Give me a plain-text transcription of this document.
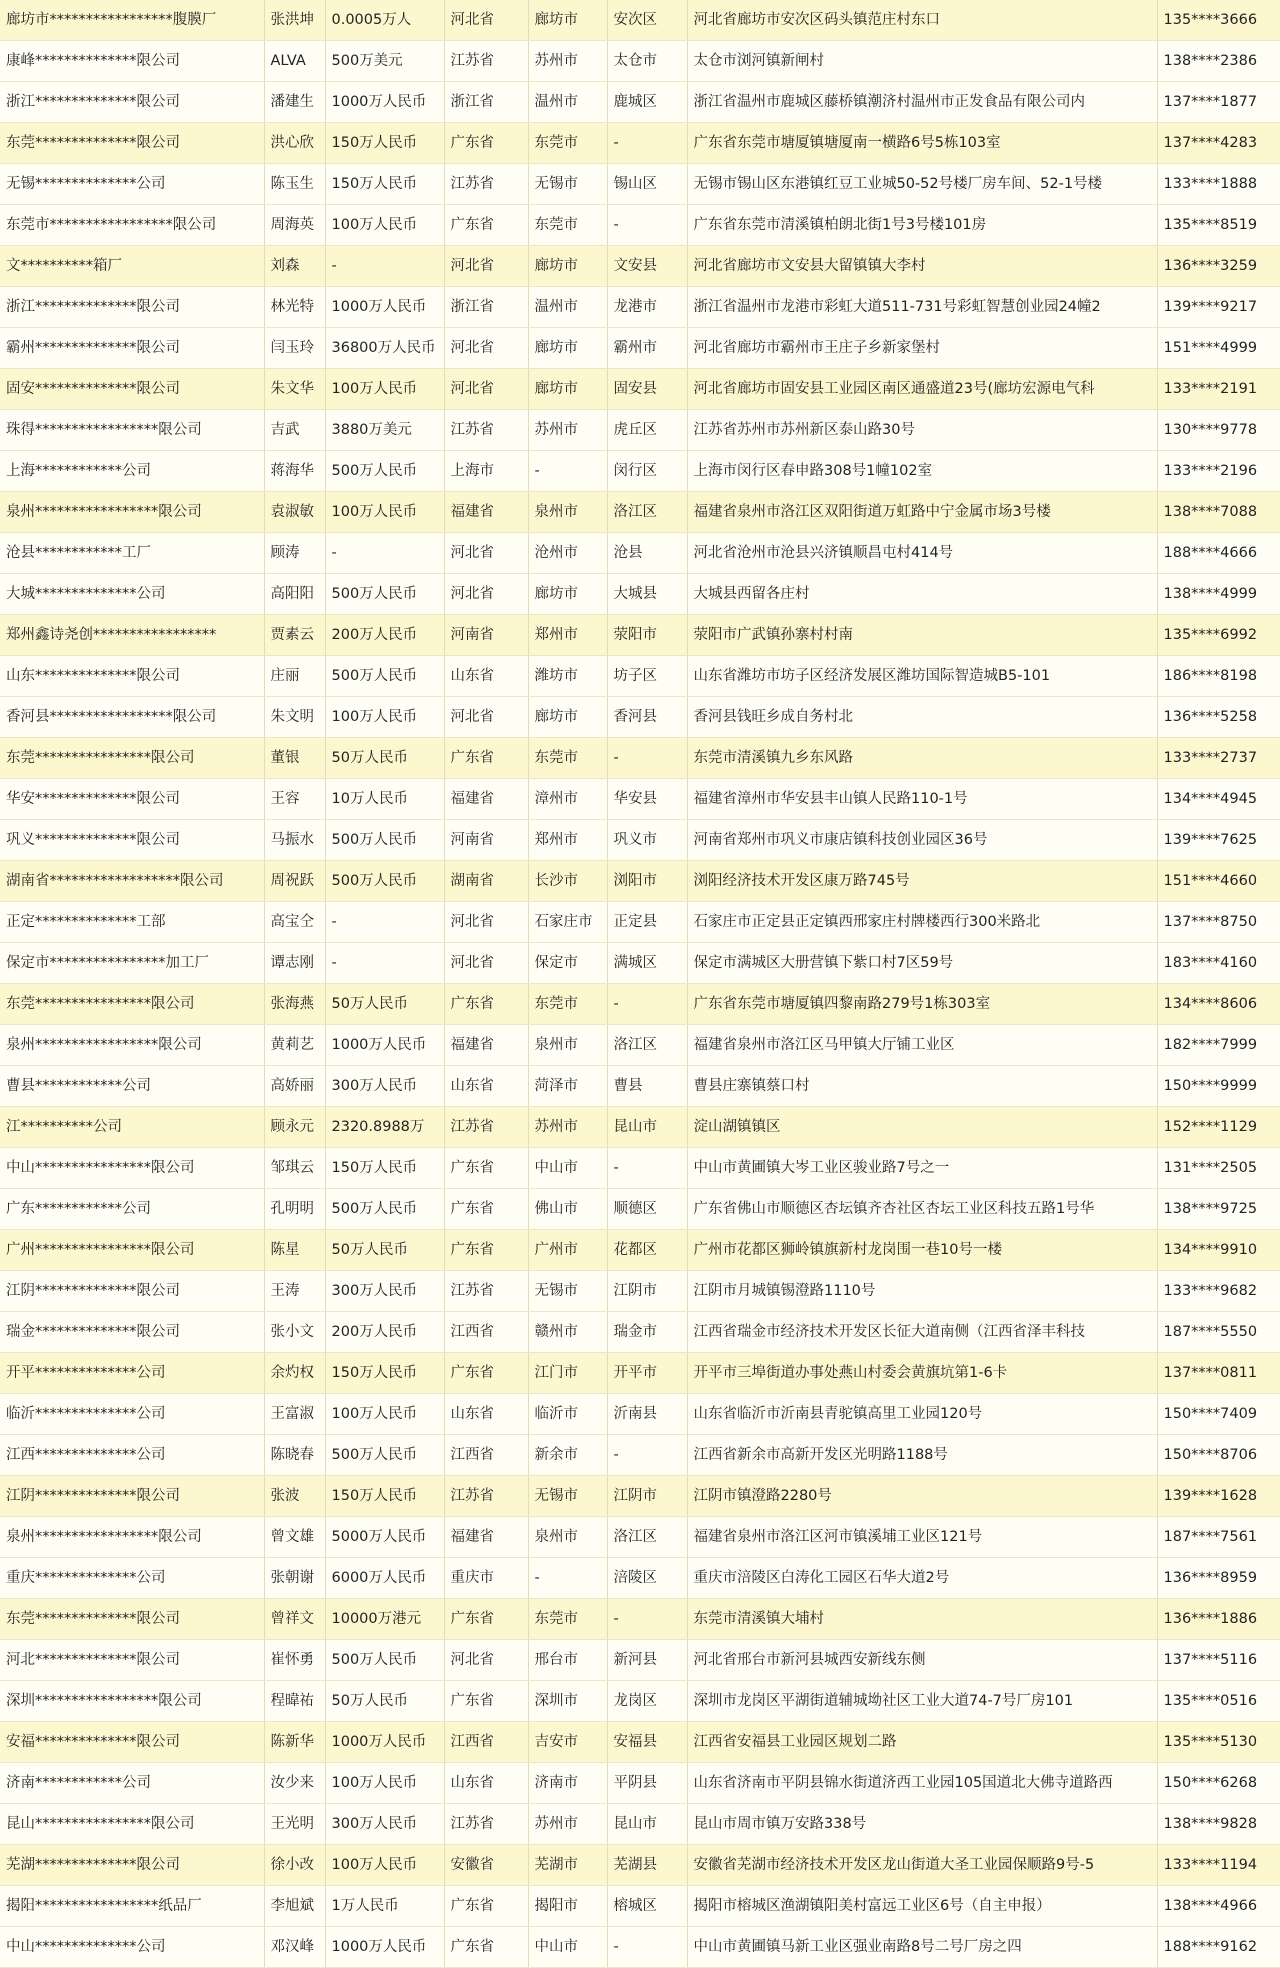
廊坊市*****************腹膜厂	张洪坤	0.0005万人	河北省	廊坊市	安次区	河北省廊坊市安次区码头镇范庄村东口	135****3666
康峰**************限公司	ALVA	500万美元	江苏省	苏州市	太仓市	太仓市浏河镇新闸村	138****2386
浙江**************限公司	潘建生	1000万人民币	浙江省	温州市	鹿城区	浙江省温州市鹿城区藤桥镇潮济村温州市正发食品有限公司内	137****1877
东莞**************限公司	洪心欣	150万人民币	广东省	东莞市	-	广东省东莞市塘厦镇塘厦南一横路6号5栋103室	137****4283
无锡**************公司	陈玉生	150万人民币	江苏省	无锡市	锡山区	无锡市锡山区东港镇红豆工业城50-52号楼厂房车间、52-1号楼	133****1888
东莞市*****************限公司	周海英	100万人民币	广东省	东莞市	-	广东省东莞市清溪镇柏朗北街1号3号楼101房	135****8519
文**********箱厂	刘森	-	河北省	廊坊市	文安县	河北省廊坊市文安县大留镇镇大李村	136****3259
浙江**************限公司	林光特	1000万人民币	浙江省	温州市	龙港市	浙江省温州市龙港市彩虹大道511-731号彩虹智慧创业园24幢2	139****9217
霸州**************限公司	闫玉玲	36800万人民币	河北省	廊坊市	霸州市	河北省廊坊市霸州市王庄子乡新家堡村	151****4999
固安**************限公司	朱文华	100万人民币	河北省	廊坊市	固安县	河北省廊坊市固安县工业园区南区通盛道23号(廊坊宏源电气科	133****2191
珠得*****************限公司	吉武	3880万美元	江苏省	苏州市	虎丘区	江苏省苏州市苏州新区泰山路30号	130****9778
上海************公司	蒋海华	500万人民币	上海市	-	闵行区	上海市闵行区春申路308号1幢102室	133****2196
泉州*****************限公司	袁淑敏	100万人民币	福建省	泉州市	洛江区	福建省泉州市洛江区双阳街道万虹路中宁金属市场3号楼	138****7088
沧县************工厂	顾涛	-	河北省	沧州市	沧县	河北省沧州市沧县兴济镇顺昌屯村414号	188****4666
大城**************公司	高阳阳	500万人民币	河北省	廊坊市	大城县	大城县西留各庄村	138****4999
郑州鑫诗尧创*****************	贾素云	200万人民币	河南省	郑州市	荥阳市	荥阳市广武镇孙寨村村南	135****6992
山东**************限公司	庄丽	500万人民币	山东省	潍坊市	坊子区	山东省潍坊市坊子区经济发展区潍坊国际智造城B5-101	186****8198
香河县*****************限公司	朱文明	100万人民币	河北省	廊坊市	香河县	香河县钱旺乡成自务村北	136****5258
东莞****************限公司	董银	50万人民币	广东省	东莞市	-	东莞市清溪镇九乡东风路	133****2737
华安**************限公司	王容	10万人民币	福建省	漳州市	华安县	福建省漳州市华安县丰山镇人民路110-1号	134****4945
巩义**************限公司	马振水	500万人民币	河南省	郑州市	巩义市	河南省郑州市巩义市康店镇科技创业园区36号	139****7625
湖南省******************限公司	周祝跃	500万人民币	湖南省	长沙市	浏阳市	浏阳经济技术开发区康万路745号	151****4660
正定**************工部	高宝仝	-	河北省	石家庄市	正定县	石家庄市正定县正定镇西邢家庄村牌楼西行300米路北	137****8750
保定市****************加工厂	谭志刚	-	河北省	保定市	满城区	保定市满城区大册营镇下紫口村7区59号	183****4160
东莞****************限公司	张海燕	50万人民币	广东省	东莞市	-	广东省东莞市塘厦镇四黎南路279号1栋303室	134****8606
泉州*****************限公司	黄莉艺	1000万人民币	福建省	泉州市	洛江区	福建省泉州市洛江区马甲镇大厅铺工业区	182****7999
曹县************公司	高娇丽	300万人民币	山东省	菏泽市	曹县	曹县庄寨镇蔡口村	150****9999
江**********公司	顾永元	2320.8988万	江苏省	苏州市	昆山市	淀山湖镇镇区	152****1129
中山****************限公司	邹琪云	150万人民币	广东省	中山市	-	中山市黄圃镇大岑工业区骏业路7号之一	131****2505
广东************公司	孔明明	500万人民币	广东省	佛山市	顺德区	广东省佛山市顺德区杏坛镇齐杏社区杏坛工业区科技五路1号华	138****9725
广州****************限公司	陈星	50万人民币	广东省	广州市	花都区	广州市花都区狮岭镇旗新村龙岗围一巷10号一楼	134****9910
江阴**************限公司	王涛	300万人民币	江苏省	无锡市	江阴市	江阴市月城镇锡澄路1110号	133****9682
瑞金**************限公司	张小文	200万人民币	江西省	赣州市	瑞金市	江西省瑞金市经济技术开发区长征大道南侧（江西省泽丰科技	187****5550
开平**************公司	余灼权	150万人民币	广东省	江门市	开平市	开平市三埠街道办事处燕山村委会黄旗坑第1-6卡	137****0811
临沂**************公司	王富淑	100万人民币	山东省	临沂市	沂南县	山东省临沂市沂南县青驼镇高里工业园120号	150****7409
江西**************公司	陈晓春	500万人民币	江西省	新余市	-	江西省新余市高新开发区光明路1188号	150****8706
江阴**************限公司	张波	150万人民币	江苏省	无锡市	江阴市	江阴市镇澄路2280号	139****1628
泉州*****************限公司	曾文雄	5000万人民币	福建省	泉州市	洛江区	福建省泉州市洛江区河市镇溪埔工业区121号	187****7561
重庆**************公司	张朝谢	6000万人民币	重庆市	-	涪陵区	重庆市涪陵区白涛化工园区石华大道2号	136****8959
东莞**************限公司	曾祥文	10000万港元	广东省	东莞市	-	东莞市清溪镇大埔村	136****1886
河北**************限公司	崔怀勇	500万人民币	河北省	邢台市	新河县	河北省邢台市新河县城西安新线东侧	137****5116
深圳*****************限公司	程暐祐	50万人民币	广东省	深圳市	龙岗区	深圳市龙岗区平湖街道辅城坳社区工业大道74-7号厂房101	135****0516
安福**************限公司	陈新华	1000万人民币	江西省	吉安市	安福县	江西省安福县工业园区规划二路	135****5130
济南************公司	汝少来	100万人民币	山东省	济南市	平阴县	山东省济南市平阴县锦水街道济西工业园105国道北大佛寺道路西	150****6268
昆山****************限公司	王光明	300万人民币	江苏省	苏州市	昆山市	昆山市周市镇万安路338号	138****9828
芜湖**************限公司	徐小改	100万人民币	安徽省	芜湖市	芜湖县	安徽省芜湖市经济技术开发区龙山街道大圣工业园保顺路9号-5	133****1194
揭阳*****************纸品厂	李旭斌	1万人民币	广东省	揭阳市	榕城区	揭阳市榕城区渔湖镇阳美村富远工业区6号（自主申报）	138****4966
中山**************公司	邓汉峰	1000万人民币	广东省	中山市	-	中山市黄圃镇马新工业区强业南路8号二号厂房之四	188****9162
